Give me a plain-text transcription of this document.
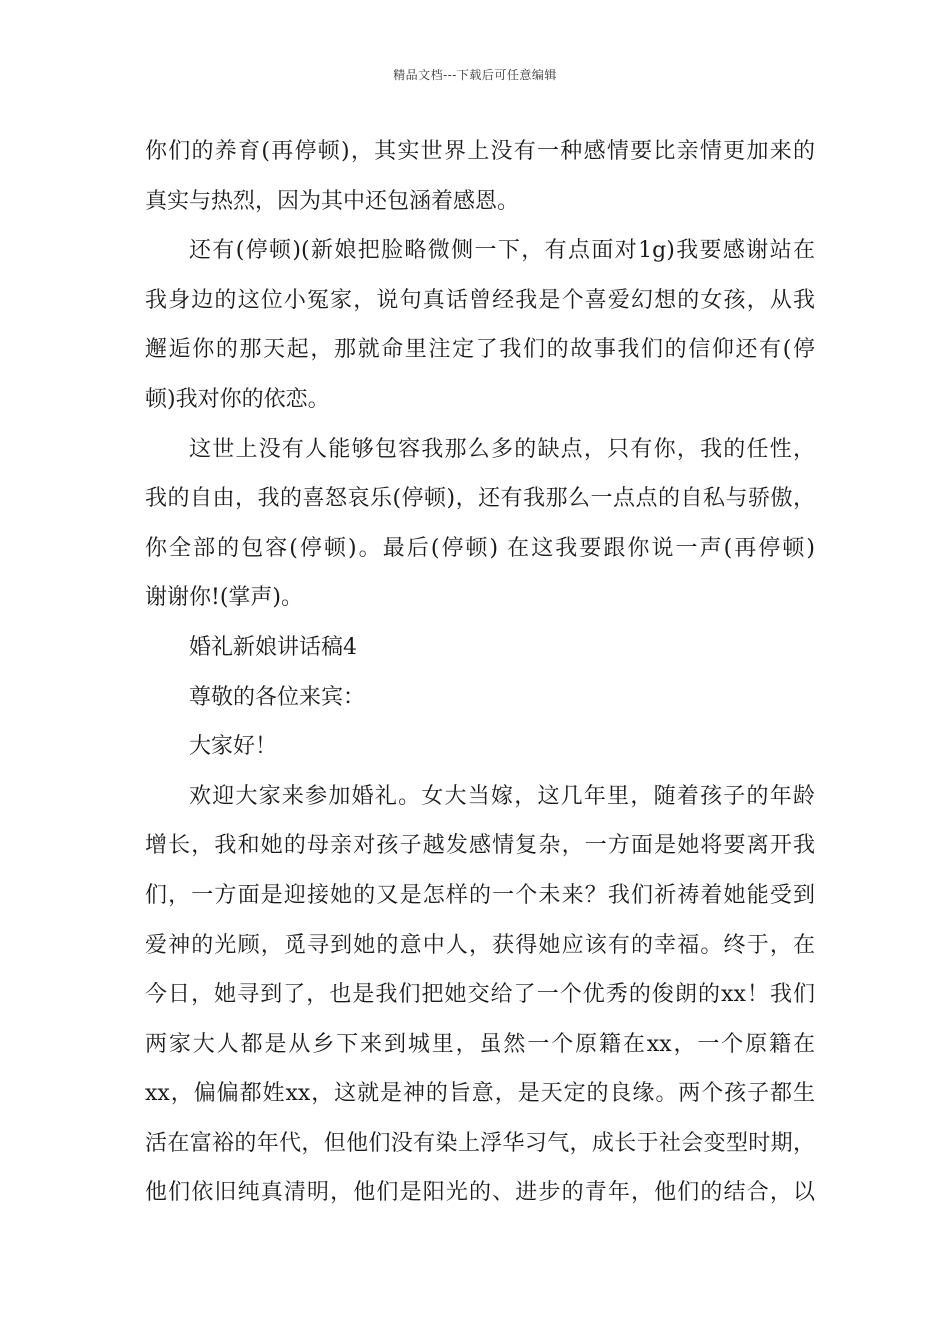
精品文档---下载后可任意编辑
你们的养育(再停顿)，其实世界上没有一种感情要比亲情更加来的
真实与热烈，因为其中还包涵着感恩。
还有(停顿)(新娘把脸略微侧一下，有点面对1g)我要感谢站在
我身边的这位小冤家，说句真话曾经我是个喜爱幻想的女孩，从我
邂逅你的那天起，那就命里注定了我们的故事我们的信仰还有(停
顿)我对你的依恋。
这世上没有人能够包容我那么多的缺点，只有你，我的任性，
我的自由，我的喜怒哀乐(停顿)，还有我那么一点点的自私与骄傲，
你全部的包容(停顿)。最后(停顿) 在这我要跟你说一声(再停顿)
谢谢你!(掌声)。
婚礼新娘讲话稿4
尊敬的各位来宾：
大家好！
欢迎大家来参加婚礼。女大当嫁，这几年里，随着孩子的年龄
增长，我和她的母亲对孩子越发感情复杂，一方面是她将要离开我
们，一方面是迎接她的又是怎样的一个未来？我们祈祷着她能受到
爱神的光顾，觅寻到她的意中人，获得她应该有的幸福。终于，在
今日，她寻到了，也是我们把她交给了一个优秀的俊朗的xx！我们
两家大人都是从乡下来到城里，虽然一个原籍在xx，一个原籍在
xx，偏偏都姓xx，这就是神的旨意，是天定的良缘。两个孩子都生
活在富裕的年代，但他们没有染上浮华习气，成长于社会变型时期，
他们依旧纯真清明，他们是阳光的、进步的青年，他们的结合，以
